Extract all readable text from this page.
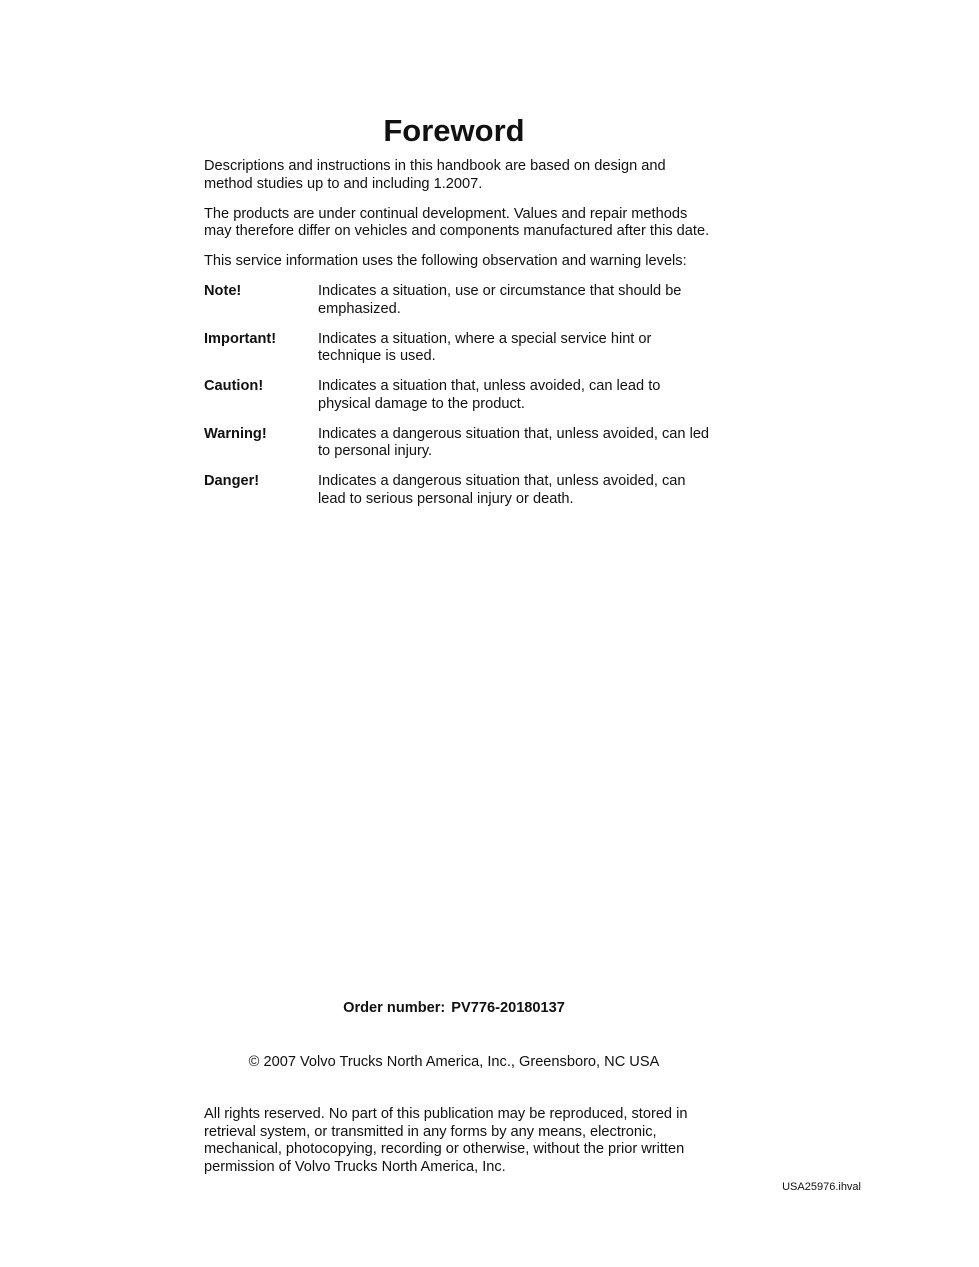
Foreword

Descriptions and instructions in this handbook are based on design and method studies up to and including 1.2007.

The products are under continual development. Values and repair methods may therefore differ on vehicles and components manufactured after this date.

This service information uses the following observation and warning levels:

Note!	Indicates a situation, use or circumstance that should be emphasized.
Important!	Indicates a situation, where a special service hint or technique is used.
Caution!	Indicates a situation that, unless avoided, can lead to physical damage to the product.
Warning!	Indicates a dangerous situation that, unless avoided, can led to personal injury.
Danger!	Indicates a dangerous situation that, unless avoided, can lead to serious personal injury or death.
Order number: PV776-20180137
© 2007 Volvo Trucks North America, Inc., Greensboro, NC USA

All rights reserved. No part of this publication may be reproduced, stored in retrieval system, or transmitted in any forms by any means, electronic, mechanical, photocopying, recording or otherwise, without the prior written permission of Volvo Trucks North America, Inc.

USA25976.ihval
